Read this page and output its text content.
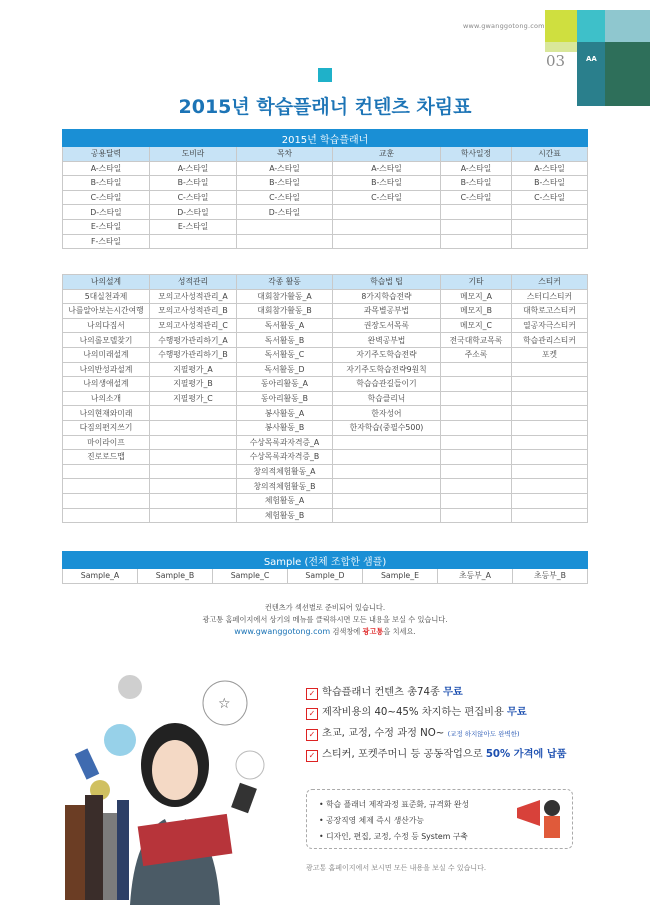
www.gwanggotong.com
AA
03
2015년 학습플래너 컨텐츠 차림표
2015년 학습플래너					
공용달력	도비라	목차	교훈	학사일정	시간표
A-스타일	A-스타일	A-스타일	A-스타일	A-스타일	A-스타일
B-스타일	B-스타일	B-스타일	B-스타일	B-스타일	B-스타일
C-스타일	C-스타일	C-스타일	C-스타일	C-스타일	C-스타일
D-스타일	D-스타일	D-스타일			
E-스타일	E-스타일				
F-스타일					
나의설계	성적관리	각종 활동	학습법 팁	기타	스티커
5대실천과제	모의고사성적관리_A	대회참가활동_A	8가지학습전략	메모지_A	스터디스티커
나를알아보는시간여행	모의고사성적관리_B	대회참가활동_B	과목별공부법	메모지_B	대학로고스티커
나의다짐서	모의고사성적관리_C	독서활동_A	권장도서목록	메모지_C	열공자극스티커
나의롤모델찾기	수행평가관리하기_A	독서활동_B	완벽공부법	전국대학교목록	학습관리스티커
나의미래설계	수행평가관리하기_B	독서활동_C	자기주도학습전략	주소록	포켓
나의반성과설계	지필평가_A	독서활동_D	자기주도학습전략9원칙		
나의생애설계	지필평가_B	동아리활동_A	학습습관길들이기		
나의소개	지필평가_C	동아리활동_B	학습클리닉		
나의현재와미래		봉사활동_A	한자성어		
다짐의편지쓰기		봉사활동_B	한자학습(중필수500)		
마이라이프		수상목록과자격증_A			
진로로드맵		수상목록과자격증_B			
		창의적체험활동_A			
		창의적체험활동_B			
		체험활동_A			
		체험활동_B			
Sample (전체 조합한 샘플)
Sample_A	Sample_B	Sample_C	Sample_D	Sample_E	초등부_A	초등부_B
컨텐츠가 섹션별로 준비되어 있습니다.
광고통 홈페이지에서 상기의 메뉴를 클릭하시면 모든 내용을 보실 수 있습니다.
www.gwanggotong.com 검색창에 광고통을 치세요.
☆
✓ 학습플래너 컨텐츠 총74종 무료
✓ 제작비용의 40~45% 차지하는 편집비용 무료
✓ 초교, 교정, 수정 과정 NO~ (교정 하지않아도 완벽한)
✓ 스티커, 포켓주머니 등 공동작업으로 50% 가격에 납품
• 학습 플래너 제작과정 표준화, 규격화 완성
• 공장직영 체제 즉시 생산가능
• 디자인, 편집, 교정, 수정 등 System 구축
광고통 홈페이지에서 보시면 모든 내용을 보실 수 있습니다.
